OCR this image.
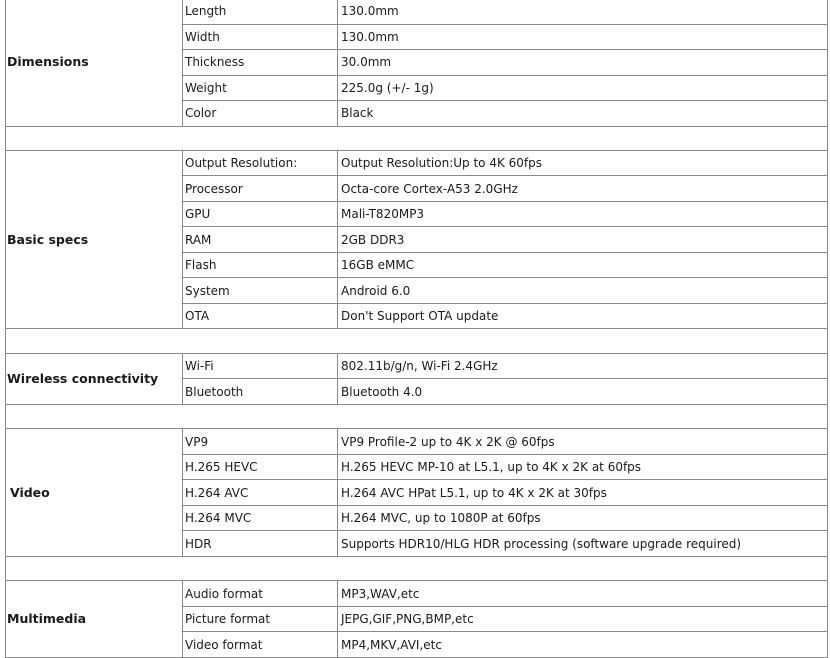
Dimensions	Length	130.0mm
	Width	130.0mm
	Thickness	30.0mm
	Weight	225.0g (+/- 1g)
	Color	Black

Basic specs	Output Resolution:	Output Resolution:Up to 4K 60fps
	Processor	Octa-core Cortex-A53 2.0GHz
	GPU	Mali-T820MP3
	RAM	2GB DDR3
	Flash	16GB eMMC
	System	Android 6.0
	OTA	Don't Support OTA update

Wireless connectivity	Wi-Fi	802.11b/g/n, Wi-Fi 2.4GHz
	Bluetooth	Bluetooth 4.0

Video	VP9	VP9 Profile-2 up to 4K x 2K @ 60fps
	H.265 HEVC	H.265 HEVC MP-10 at L5.1, up to 4K x 2K at 60fps
	H.264 AVC	H.264 AVC HPat L5.1, up to 4K x 2K at 30fps
	H.264 MVC	H.264 MVC, up to 1080P at 60fps
	HDR	Supports HDR10/HLG HDR processing (software upgrade required)

Multimedia	Audio format	MP3,WAV,etc
	Picture format	JEPG,GIF,PNG,BMP,etc
	Video format	MP4,MKV,AVI,etc
